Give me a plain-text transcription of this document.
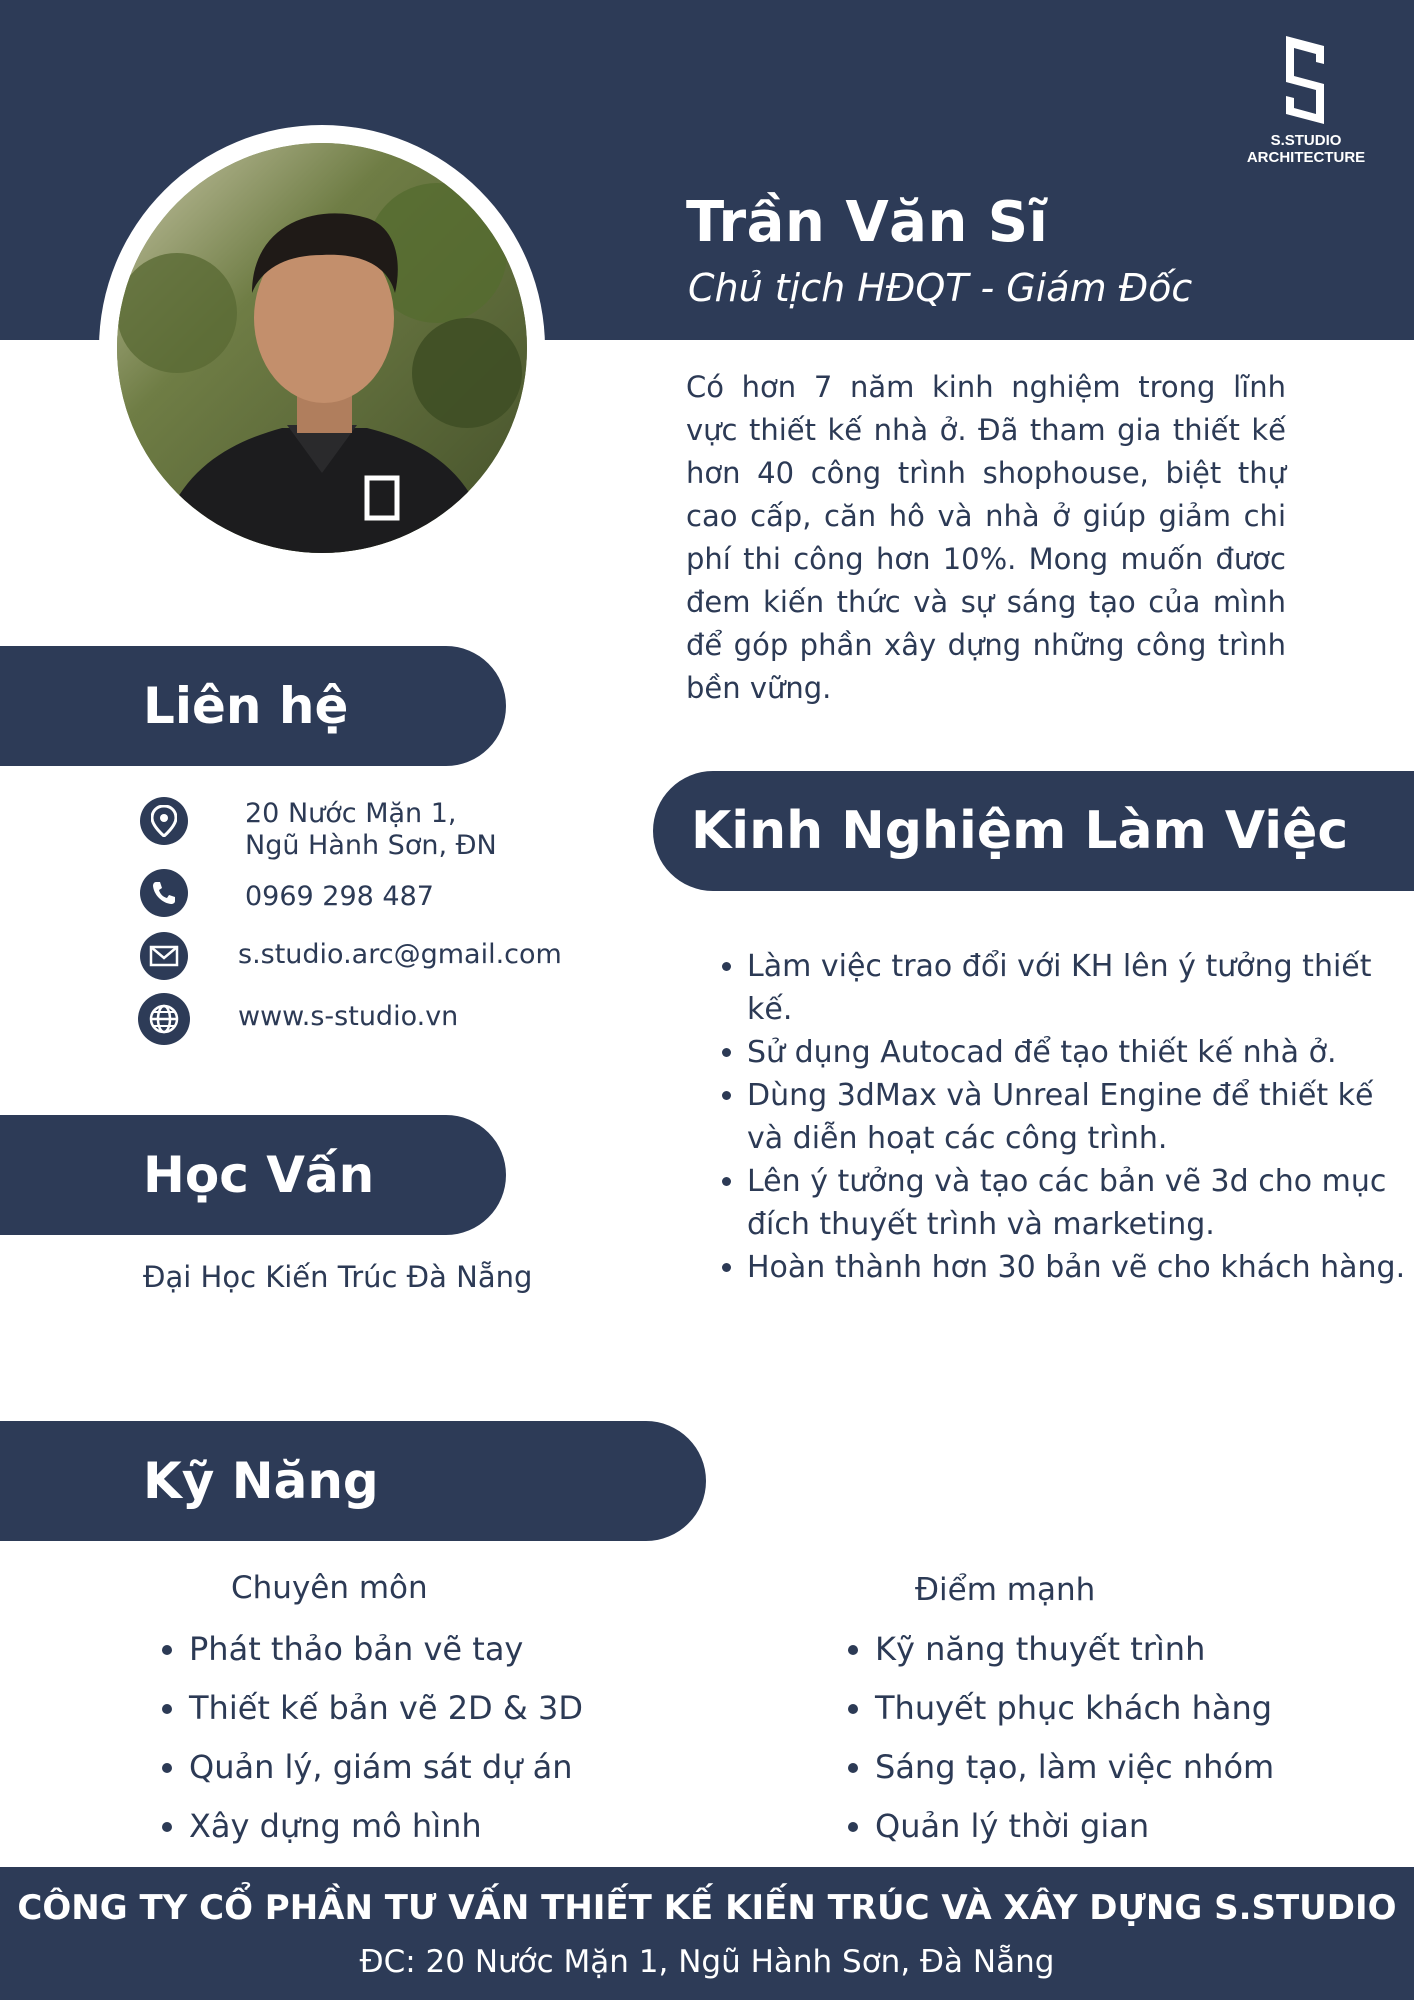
S.STUDIO ARCHITECTURE
Trần Văn Sĩ
Chủ tịch HĐQT - Giám Đốc
Có hơn 7 năm kinh nghiệm trong lĩnh vực thiết kế nhà ở. Đã tham gia thiết kế hơn 40 công trình shophouse, biệt thự cao cấp, căn hô và nhà ở giúp giảm chi phí thi công hơn 10%. Mong muốn đươc đem kiến thức và sự sáng tạo của mình để góp phần xây dựng những công trình bền vững.
Liên hệ
20 Nước Mặn 1,
Ngũ Hành Sơn, ĐN
0969 298 487
s.studio.arc@gmail.com
www.s-studio.vn
Học Vấn
Đại Học Kiến Trúc Đà Nẵng
Kinh Nghiệm Làm Việc
• Làm việc trao đổi với KH lên ý tưởng thiết kế.
• Sử dụng Autocad để tạo thiết kế nhà ở.
• Dùng 3dMax và Unreal Engine để thiết kế và diễn hoạt các công trình.
• Lên ý tưởng và tạo các bản vẽ 3d cho mục đích thuyết trình và marketing.
• Hoàn thành hơn 30 bản vẽ cho khách hàng.
Kỹ Năng
Chuyên môn
• Phát thảo bản vẽ tay
• Thiết kế bản vẽ 2D & 3D
• Quản lý, giám sát dự án
• Xây dựng mô hình
Điểm mạnh
• Kỹ năng thuyết trình
• Thuyết phục khách hàng
• Sáng tạo, làm việc nhóm
• Quản lý thời gian
CÔNG TY CỔ PHẦN TƯ VẤN THIẾT KẾ KIẾN TRÚC VÀ XÂY DỰNG S.STUDIO
ĐC: 20 Nước Mặn 1, Ngũ Hành Sơn, Đà Nẵng
